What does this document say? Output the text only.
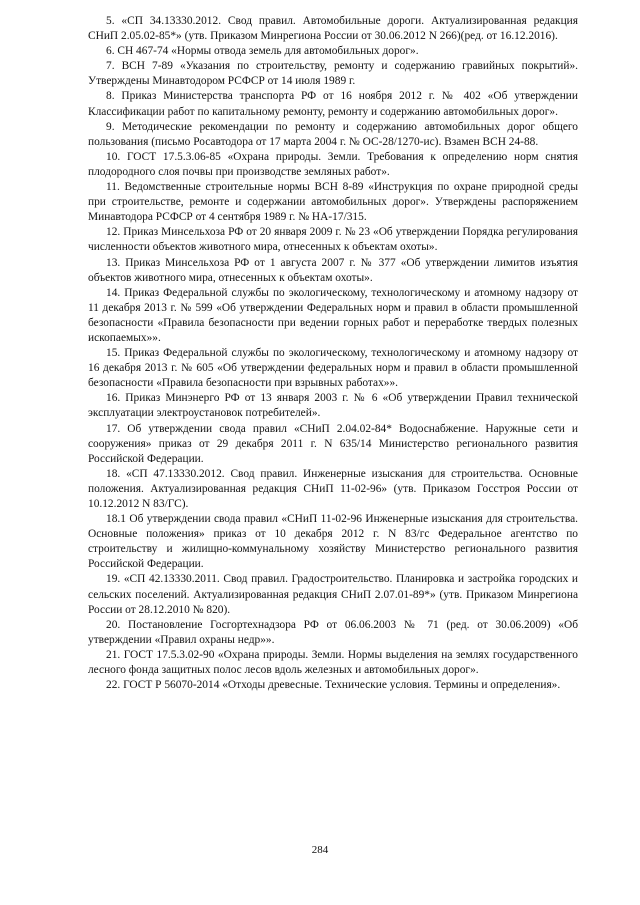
5. «СП 34.13330.2012. Свод правил. Автомобильные дороги. Актуализированная редакция СНиП 2.05.02-85*» (утв. Приказом Минрегиона России от 30.06.2012 N 266)(ред. от 16.12.2016).

6. СН 467-74 «Нормы отвода земель для автомобильных дорог».

7. ВСН 7-89 «Указания по строительству, ремонту и содержанию гравийных покрытий». Утверждены Минавтодором РСФСР от 14 июля 1989 г.

8. Приказ Министерства транспорта РФ от 16 ноября 2012 г. № 402 «Об утверждении Классификации работ по капитальному ремонту, ремонту и содержанию автомобильных дорог».

9. Методические рекомендации по ремонту и содержанию автомобильных дорог общего пользования (письмо Росавтодора от 17 марта 2004 г. № ОС-28/1270-ис). Взамен ВСН 24-88.

10. ГОСТ 17.5.3.06-85 «Охрана природы. Земли. Требования к определению норм снятия плодородного слоя почвы при производстве земляных работ».

11. Ведомственные строительные нормы ВСН 8-89 «Инструкция по охране природной среды при строительстве, ремонте и содержании автомобильных дорог». Утверждены распоряжением Минавтодора РСФСР от 4 сентября 1989 г. № НА-17/315.

12. Приказ Минсельхоза РФ от 20 января 2009 г. № 23 «Об утверждении Порядка регулирования численности объектов животного мира, отнесенных к объектам охоты».

13. Приказ Минсельхоза РФ от 1 августа 2007 г. № 377 «Об утверждении лимитов изъятия объектов животного мира, отнесенных к объектам охоты».

14. Приказ Федеральной службы по экологическому, технологическому и атомному надзору от 11 декабря 2013 г. № 599 «Об утверждении Федеральных норм и правил в области промышленной безопасности «Правила безопасности при ведении горных работ и переработке твердых полезных ископаемых»».

15. Приказ Федеральной службы по экологическому, технологическому и атомному надзору от 16 декабря 2013 г. № 605 «Об утверждении федеральных норм и правил в области промышленной безопасности «Правила безопасности при взрывных работах»».

16. Приказ Минэнерго РФ от 13 января 2003 г. № 6 «Об утверждении Правил технической эксплуатации электроустановок потребителей».

17. Об утверждении свода правил «СНиП 2.04.02-84* Водоснабжение. Наружные сети и сооружения» приказ от 29 декабря 2011 г. N 635/14 Министерство регионального развития Российской Федерации.

18. «СП 47.13330.2012. Свод правил. Инженерные изыскания для строительства. Основные положения. Актуализированная редакция СНиП 11-02-96» (утв. Приказом Госстроя России от 10.12.2012 N 83/ГС).

18.1 Об утверждении свода правил «СНиП 11-02-96 Инженерные изыскания для строительства. Основные положения» приказ от 10 декабря 2012 г. N 83/гс Федеральное агентство по строительству и жилищно-коммунальному хозяйству Министерство регионального развития Российской Федерации.

19. «СП 42.13330.2011. Свод правил. Градостроительство. Планировка и застройка городских и сельских поселений. Актуализированная редакция СНиП 2.07.01-89*» (утв. Приказом Минрегиона России от 28.12.2010 № 820).

20. Постановление Госгортехнадзора РФ от 06.06.2003 № 71 (ред. от 30.06.2009) «Об утверждении «Правил охраны недр»».

21. ГОСТ 17.5.3.02-90 «Охрана природы. Земли. Нормы выделения на землях государственного лесного фонда защитных полос лесов вдоль железных и автомобильных дорог».

22. ГОСТ Р 56070-2014 «Отходы древесные. Технические условия. Термины и определения».

284
